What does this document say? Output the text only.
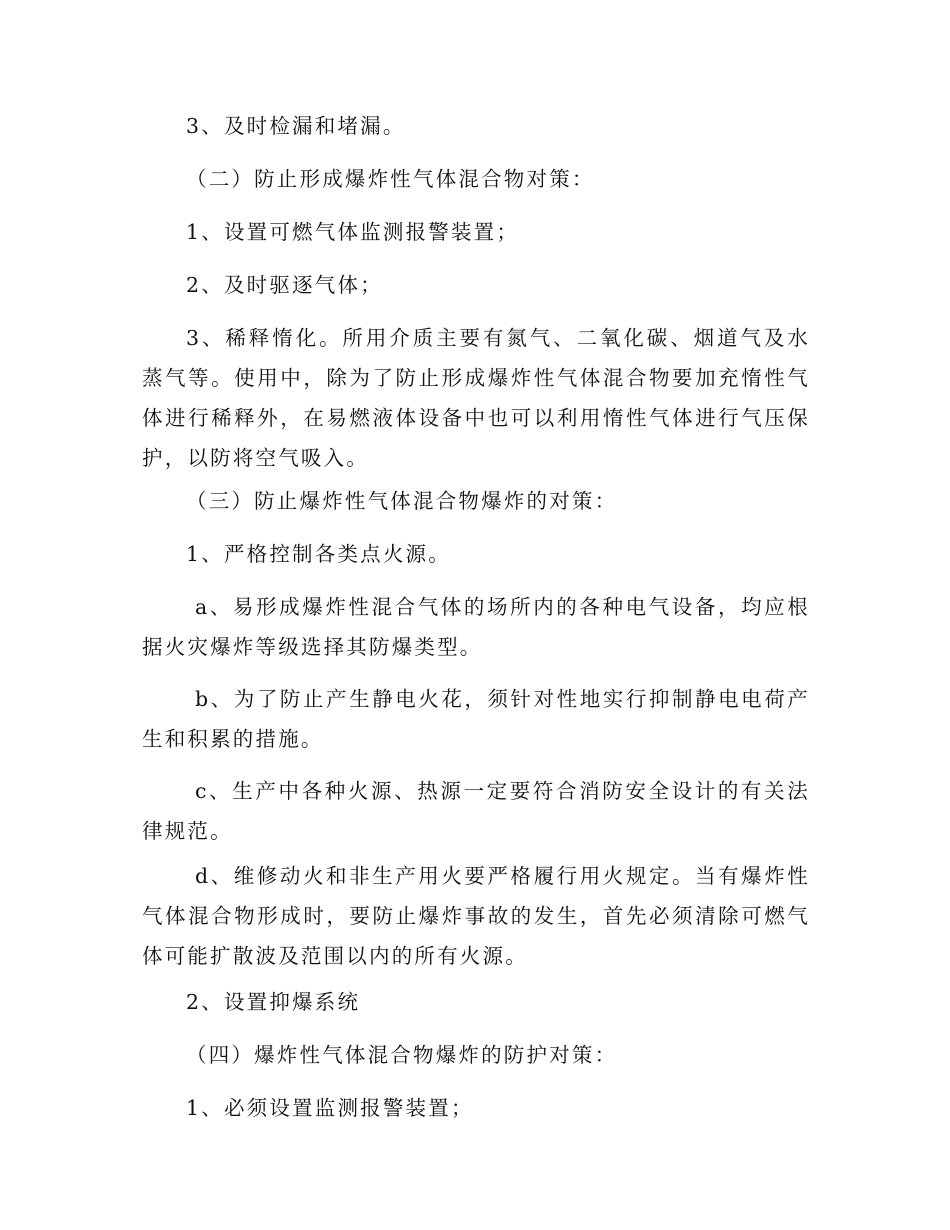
3、及时检漏和堵漏。

（二）防止形成爆炸性气体混合物对策：

1、设置可燃气体监测报警装置；

2、及时驱逐气体；

3、稀释惰化。所用介质主要有氮气、二氧化碳、烟道气及水蒸气等。使用中，除为了防止形成爆炸性气体混合物要加充惰性气体进行稀释外，在易燃液体设备中也可以利用惰性气体进行气压保护，以防将空气吸入。

（三）防止爆炸性气体混合物爆炸的对策：

1、严格控制各类点火源。

a、易形成爆炸性混合气体的场所内的各种电气设备，均应根据火灾爆炸等级选择其防爆类型。

b、为了防止产生静电火花，须针对性地实行抑制静电电荷产生和积累的措施。

c、生产中各种火源、热源一定要符合消防安全设计的有关法律规范。

d、维修动火和非生产用火要严格履行用火规定。当有爆炸性气体混合物形成时，要防止爆炸事故的发生，首先必须清除可燃气体可能扩散波及范围以内的所有火源。

2、设置抑爆系统

（四）爆炸性气体混合物爆炸的防护对策：

1、必须设置监测报警装置；
